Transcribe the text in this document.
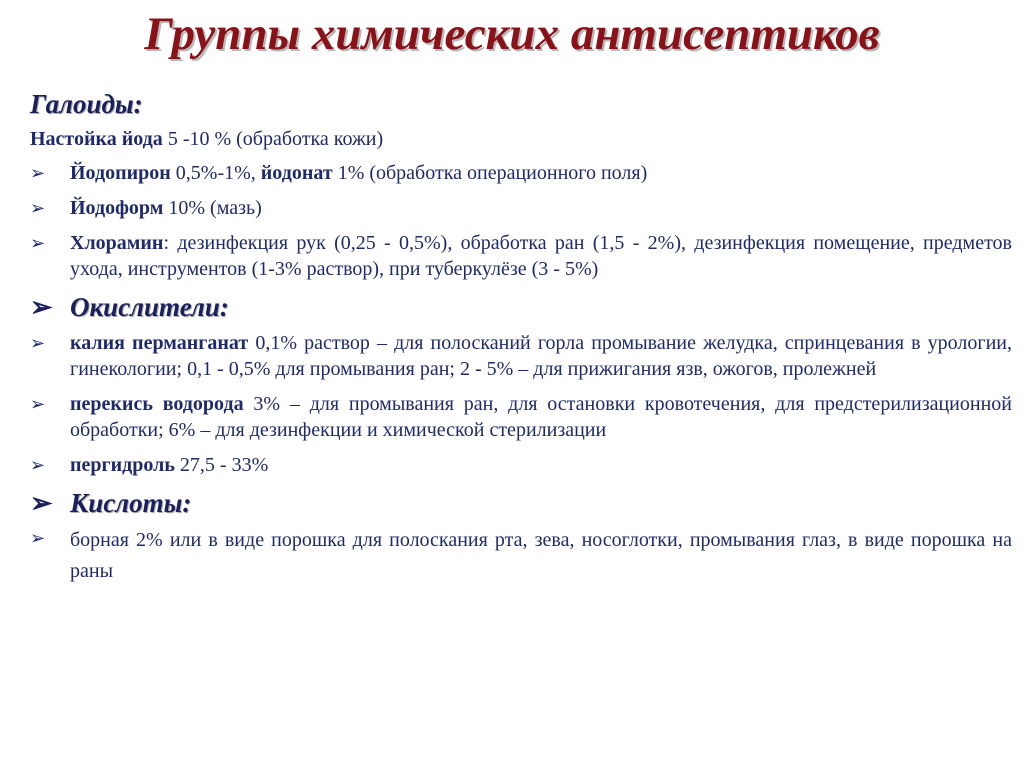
Группы химических антисептиков
Галоиды:
Настойка йода 5 -10 % (обработка кожи)
➢	Йодопирон 0,5%-1%, йодонат 1% (обработка операционного поля)
➢	Йодоформ 10% (мазь)
➢	Хлорамин: дезинфекция рук (0,25 - 0,5%), обработка ран (1,5 - 2%), дезинфекция помещение, предметов ухода, инструментов (1-3% раствор), при туберкулёзе (3 - 5%)
➢ Окислители:
➢	калия перманганат 0,1% раствор – для полосканий горла промывание желудка, спринцевания в урологии, гинекологии; 0,1 - 0,5% для промывания ран; 2 - 5% – для прижигания язв, ожогов, пролежней
➢	перекись водорода 3% – для промывания ран, для остановки кровотечения, для предстерилизационной обработки; 6% – для дезинфекции и химической стерилизации
➢	пергидроль 27,5 - 33%
➢ Кислоты:
➢	борная 2% или в виде порошка для полоскания рта, зева, носоглотки, промывания глаз, в виде порошка на раны
